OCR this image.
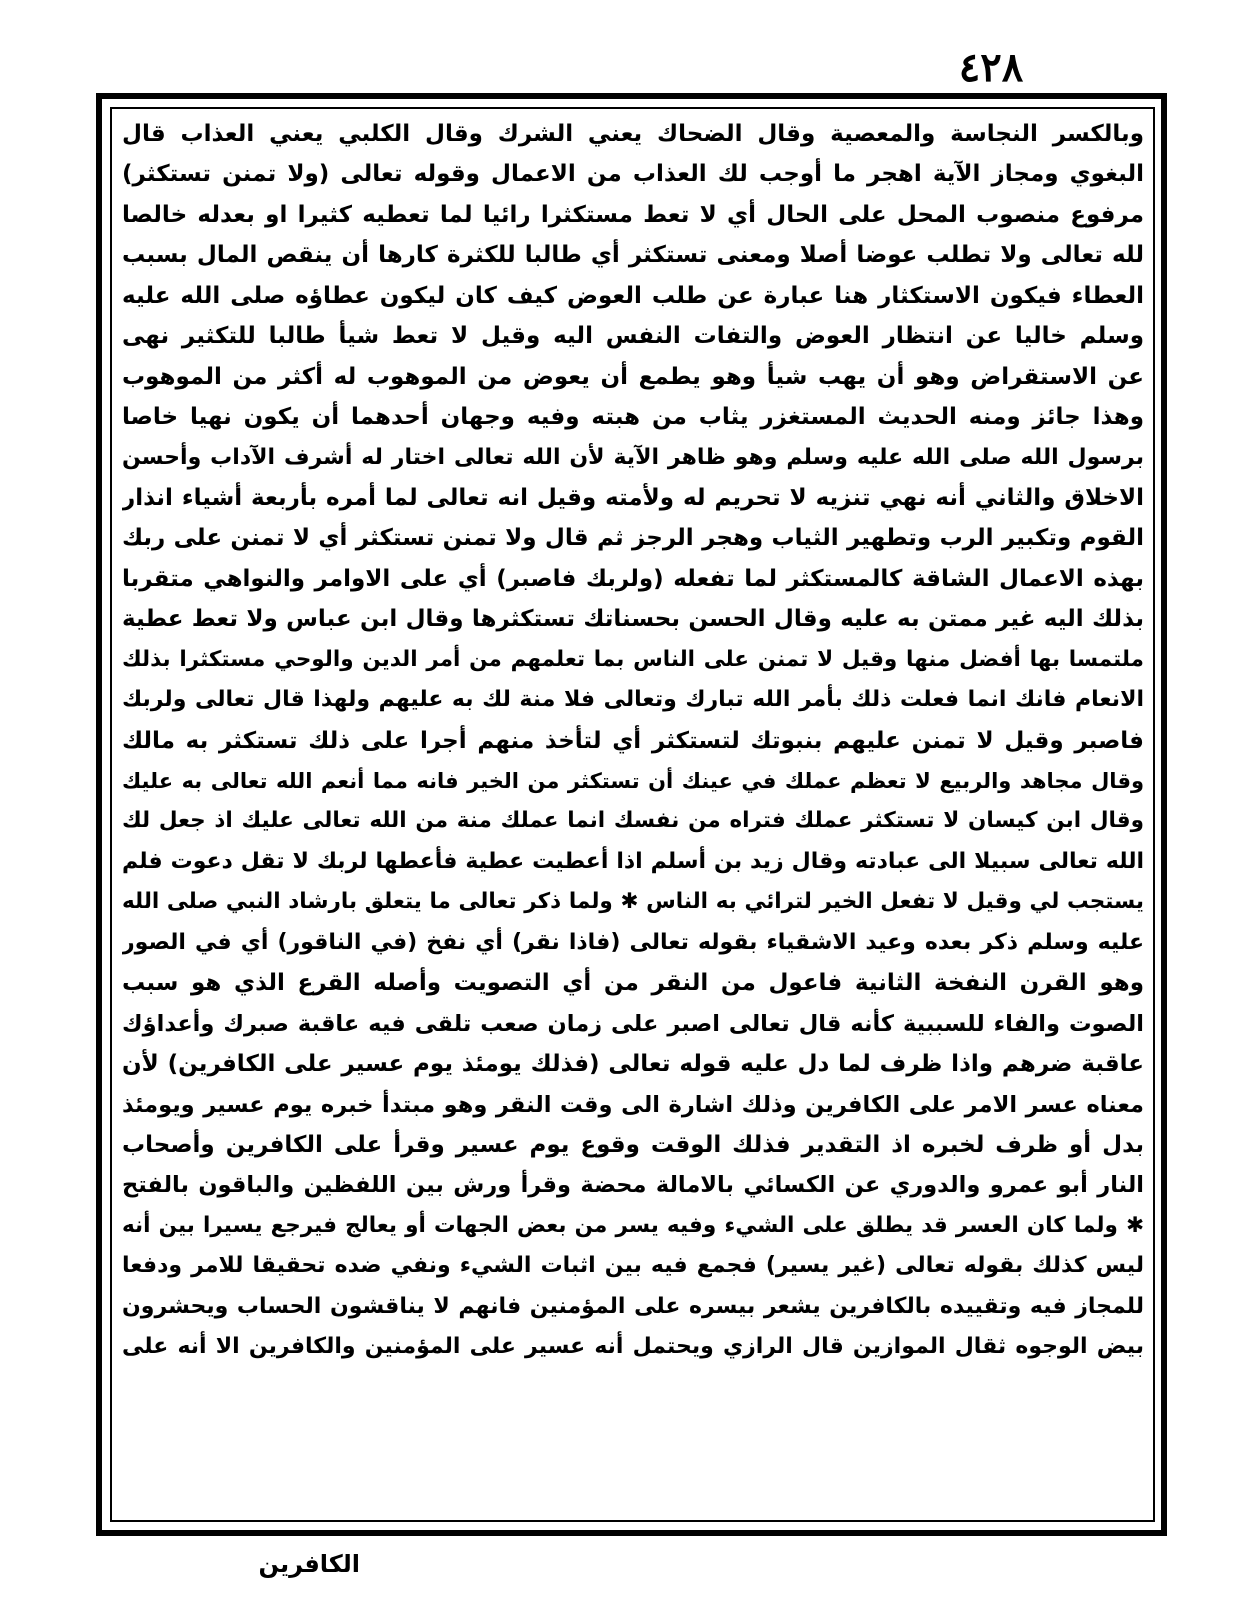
٤٢٨
وبالكسر النجاسة والمعصية وقال الضحاك يعني الشرك وقال الكلبي يعني العذاب قال
البغوي ومجاز الآية اهجر ما أوجب لك العذاب من الاعمال وقوله تعالى (ولا تمنن تستكثر)
مرفوع منصوب المحل على الحال أي لا تعط مستكثرا رائيا لما تعطيه كثيرا او بعدله خالصا
لله تعالى ولا تطلب عوضا أصلا ومعنى تستكثر أي طالبا للكثرة كارها أن ينقص المال بسبب
العطاء فيكون الاستكثار هنا عبارة عن طلب العوض كيف كان ليكون عطاؤه صلى الله عليه
وسلم خاليا عن انتظار العوض والتفات النفس اليه وقيل لا تعط شيأ طالبا للتكثير نهى
عن الاستقراض وهو أن يهب شيأ وهو يطمع أن يعوض من الموهوب له أكثر من الموهوب
وهذا جائز ومنه الحديث المستغزر يثاب من هبته وفيه وجهان أحدهما أن يكون نهيا خاصا
برسول الله صلى الله عليه وسلم وهو ظاهر الآية لأن الله تعالى اختار له أشرف الآداب وأحسن
الاخلاق والثاني أنه نهي تنزيه لا تحريم له ولأمته وقيل انه تعالى لما أمره بأربعة أشياء انذار
القوم وتكبير الرب وتطهير الثياب وهجر الرجز ثم قال ولا تمنن تستكثر أي لا تمنن على ربك
بهذه الاعمال الشاقة كالمستكثر لما تفعله (ولربك فاصبر) أي على الاوامر والنواهي متقربا
بذلك اليه غير ممتن به عليه وقال الحسن بحسناتك تستكثرها وقال ابن عباس ولا تعط عطية
ملتمسا بها أفضل منها وقيل لا تمنن على الناس بما تعلمهم من أمر الدين والوحي مستكثرا بذلك
الانعام فانك انما فعلت ذلك بأمر الله تبارك وتعالى فلا منة لك به عليهم ولهذا قال تعالى ولربك
فاصبر وقيل لا تمنن عليهم بنبوتك لتستكثر أي لتأخذ منهم أجرا على ذلك تستكثر به مالك
وقال مجاهد والربيع لا تعظم عملك في عينك أن تستكثر من الخير فانه مما أنعم الله تعالى به عليك
وقال ابن كيسان لا تستكثر عملك فتراه من نفسك انما عملك منة من الله تعالى عليك اذ جعل لك
الله تعالى سبيلا الى عبادته وقال زيد بن أسلم اذا أعطيت عطية فأعطها لربك لا تقل دعوت فلم
يستجب لي وقيل لا تفعل الخير لترائي به الناس ✱ ولما ذكر تعالى ما يتعلق بارشاد النبي صلى الله
عليه وسلم ذكر بعده وعيد الاشقياء بقوله تعالى (فاذا نقر) أي نفخ (في الناقور) أي في الصور
وهو القرن النفخة الثانية فاعول من النقر من أي التصويت وأصله القرع الذي هو سبب
الصوت والفاء للسببية كأنه قال تعالى اصبر على زمان صعب تلقى فيه عاقبة صبرك وأعداؤك
عاقبة ضرهم واذا ظرف لما دل عليه قوله تعالى (فذلك يومئذ يوم عسير على الكافرين) لأن
معناه عسر الامر على الكافرين وذلك اشارة الى وقت النقر وهو مبتدأ خبره يوم عسير ويومئذ
بدل أو ظرف لخبره اذ التقدير فذلك الوقت وقوع يوم عسير وقرأ على الكافرين وأصحاب
النار أبو عمرو والدوري عن الكسائي بالامالة محضة وقرأ ورش بين اللفظين والباقون بالفتح
✱ ولما كان العسر قد يطلق على الشيء وفيه يسر من بعض الجهات أو يعالج فيرجع يسيرا بين أنه
ليس كذلك بقوله تعالى (غير يسير) فجمع فيه بين اثبات الشيء ونفي ضده تحقيقا للامر ودفعا
للمجاز فيه وتقييده بالكافرين يشعر بيسره على المؤمنين فانهم لا يناقشون الحساب ويحشرون
بيض الوجوه ثقال الموازين قال الرازي ويحتمل أنه عسير على المؤمنين والكافرين الا أنه على
الكافرين
